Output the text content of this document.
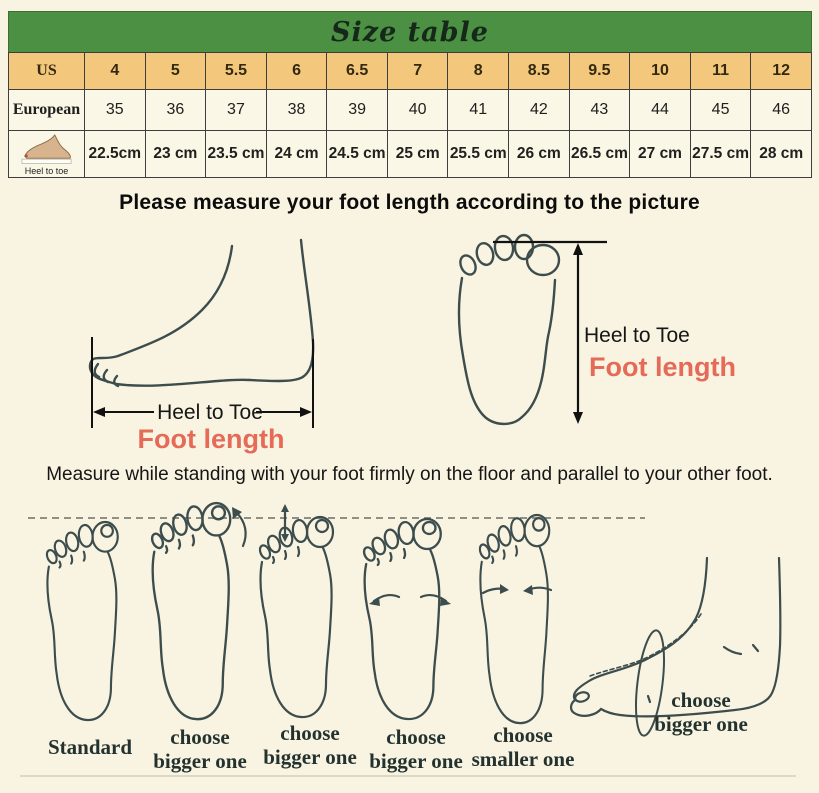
Size table
US	4	5	5.5	6	6.5	7	8	8.5	9.5	10	11	12
European	35	36	37	38	39	40	41	42	43	44	45	46

Heel to toe	22.5cm	23 cm	23.5 cm	24 cm	24.5 cm	25 cm	25.5 cm	26 cm	26.5 cm	27 cm	27.5 cm	28 cm
Please measure your foot length according to the picture
Heel to Toe
Foot length
Heel to Toe
Foot length
Measure while standing with your foot firmly on the floor and parallel to your other foot.
Standard	choose
bigger one
choose
bigger one
choose
bigger one
choose
smaller one
choose
bigger one
